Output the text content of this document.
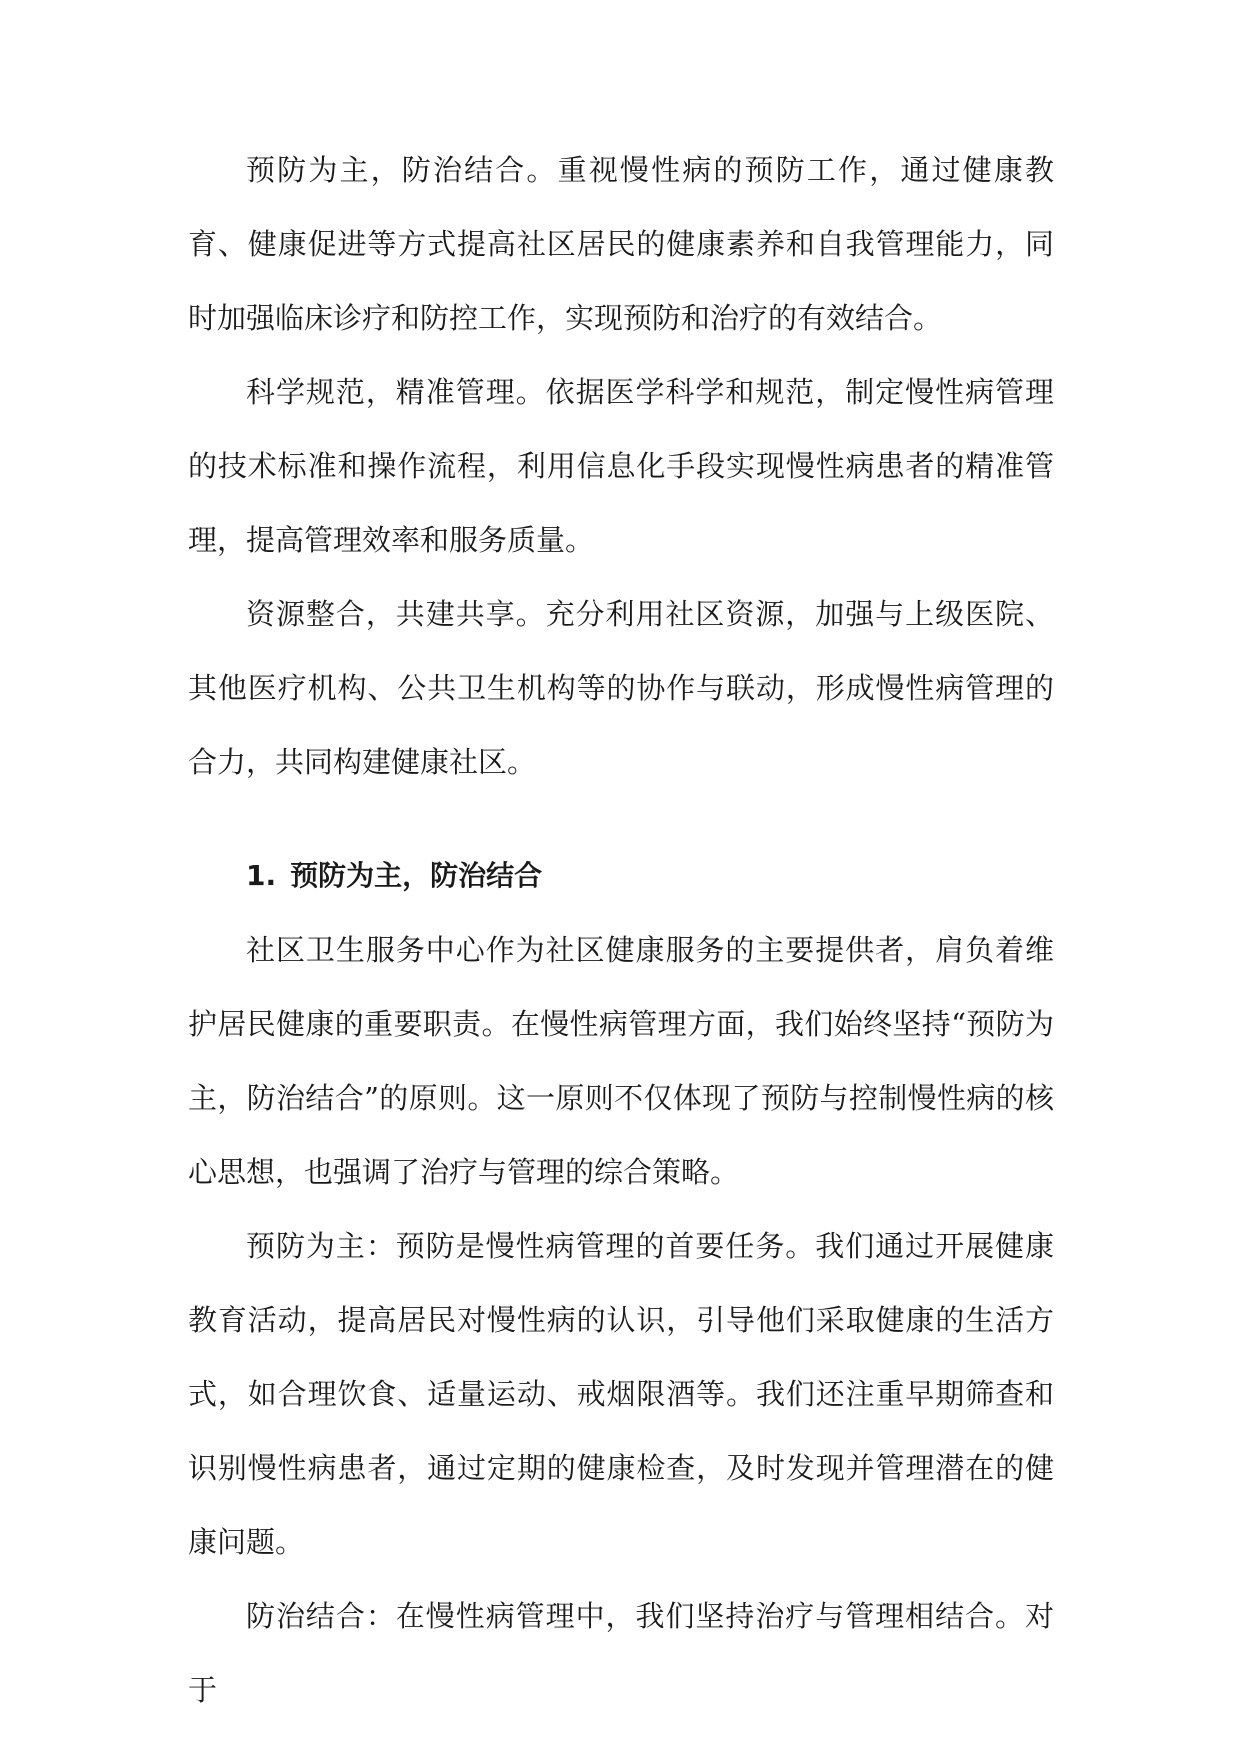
预防为主，防治结合。重视慢性病的预防工作，通过健康教育、健康促进等方式提高社区居民的健康素养和自我管理能力，同时加强临床诊疗和防控工作，实现预防和治疗的有效结合。

科学规范，精准管理。依据医学科学和规范，制定慢性病管理的技术标准和操作流程，利用信息化手段实现慢性病患者的精准管理，提高管理效率和服务质量。

资源整合，共建共享。充分利用社区资源，加强与上级医院、其他医疗机构、公共卫生机构等的协作与联动，形成慢性病管理的合力，共同构建健康社区。

1. 预防为主，防治结合

社区卫生服务中心作为社区健康服务的主要提供者，肩负着维护居民健康的重要职责。在慢性病管理方面，我们始终坚持“预防为主，防治结合”的原则。这一原则不仅体现了预防与控制慢性病的核心思想，也强调了治疗与管理的综合策略。

预防为主：预防是慢性病管理的首要任务。我们通过开展健康教育活动，提高居民对慢性病的认识，引导他们采取健康的生活方式，如合理饮食、适量运动、戒烟限酒等。我们还注重早期筛查和识别慢性病患者，通过定期的健康检查，及时发现并管理潜在的健康问题。

防治结合：在慢性病管理中，我们坚持治疗与管理相结合。对于
